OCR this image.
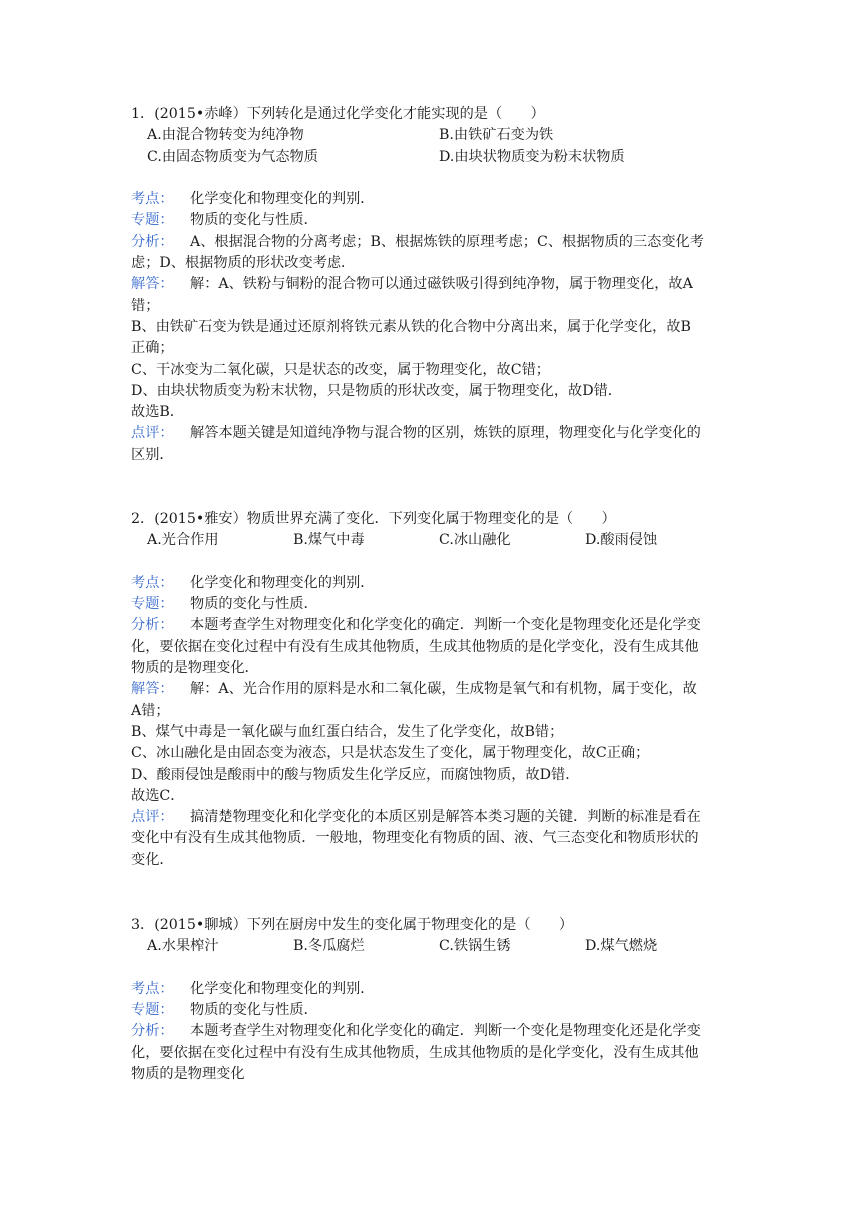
1．(2015•赤峰）下列转化是通过化学变化才能实现的是（　　）
A.由混合物转变为纯净物	B.由铁矿石变为铁
C.由固态物质变为气态物质	D.由块状物质变为粉末状物质
考点： 化学变化和物理变化的判别．
专题： 物质的变化与性质．
分析： A、根据混合物的分离考虑；B、根据炼铁的原理考虑；C、根据物质的三态变化考
虑；D、根据物质的形状改变考虑．
解答： 解：A、铁粉与铜粉的混合物可以通过磁铁吸引得到纯净物，属于物理变化，故A
错；
B、由铁矿石变为铁是通过还原剂将铁元素从铁的化合物中分离出来，属于化学变化，故B
正确；
C、干冰变为二氧化碳，只是状态的改变，属于物理变化，故C错；
D、由块状物质变为粉末状物，只是物质的形状改变，属于物理变化，故D错．
故选B．
点评： 解答本题关键是知道纯净物与混合物的区别，炼铁的原理，物理变化与化学变化的
区别．
2．(2015•雅安）物质世界充满了变化．下列变化属于物理变化的是（　　）
A.光合作用	B.煤气中毒	C.冰山融化	D.酸雨侵蚀
考点： 化学变化和物理变化的判别．
专题： 物质的变化与性质．
分析： 本题考查学生对物理变化和化学变化的确定．判断一个变化是物理变化还是化学变
化，要依据在变化过程中有没有生成其他物质，生成其他物质的是化学变化，没有生成其他
物质的是物理变化．
解答： 解：A、光合作用的原料是水和二氧化碳，生成物是氧气和有机物，属于变化，故
A错；
B、煤气中毒是一氧化碳与血红蛋白结合，发生了化学变化，故B错；
C、冰山融化是由固态变为液态，只是状态发生了变化，属于物理变化，故C正确；
D、酸雨侵蚀是酸雨中的酸与物质发生化学反应，而腐蚀物质，故D错．
故选C．
点评： 搞清楚物理变化和化学变化的本质区别是解答本类习题的关键．判断的标准是看在
变化中有没有生成其他物质．一般地，物理变化有物质的固、液、气三态变化和物质形状的
变化．
3．(2015•聊城）下列在厨房中发生的变化属于物理变化的是（　　）
A.水果榨汁	B.冬瓜腐烂	C.铁锅生锈	D.煤气燃烧
考点： 化学变化和物理变化的判别．
专题： 物质的变化与性质．
分析： 本题考查学生对物理变化和化学变化的确定．判断一个变化是物理变化还是化学变
化，要依据在变化过程中有没有生成其他物质，生成其他物质的是化学变化，没有生成其他
物质的是物理变化
